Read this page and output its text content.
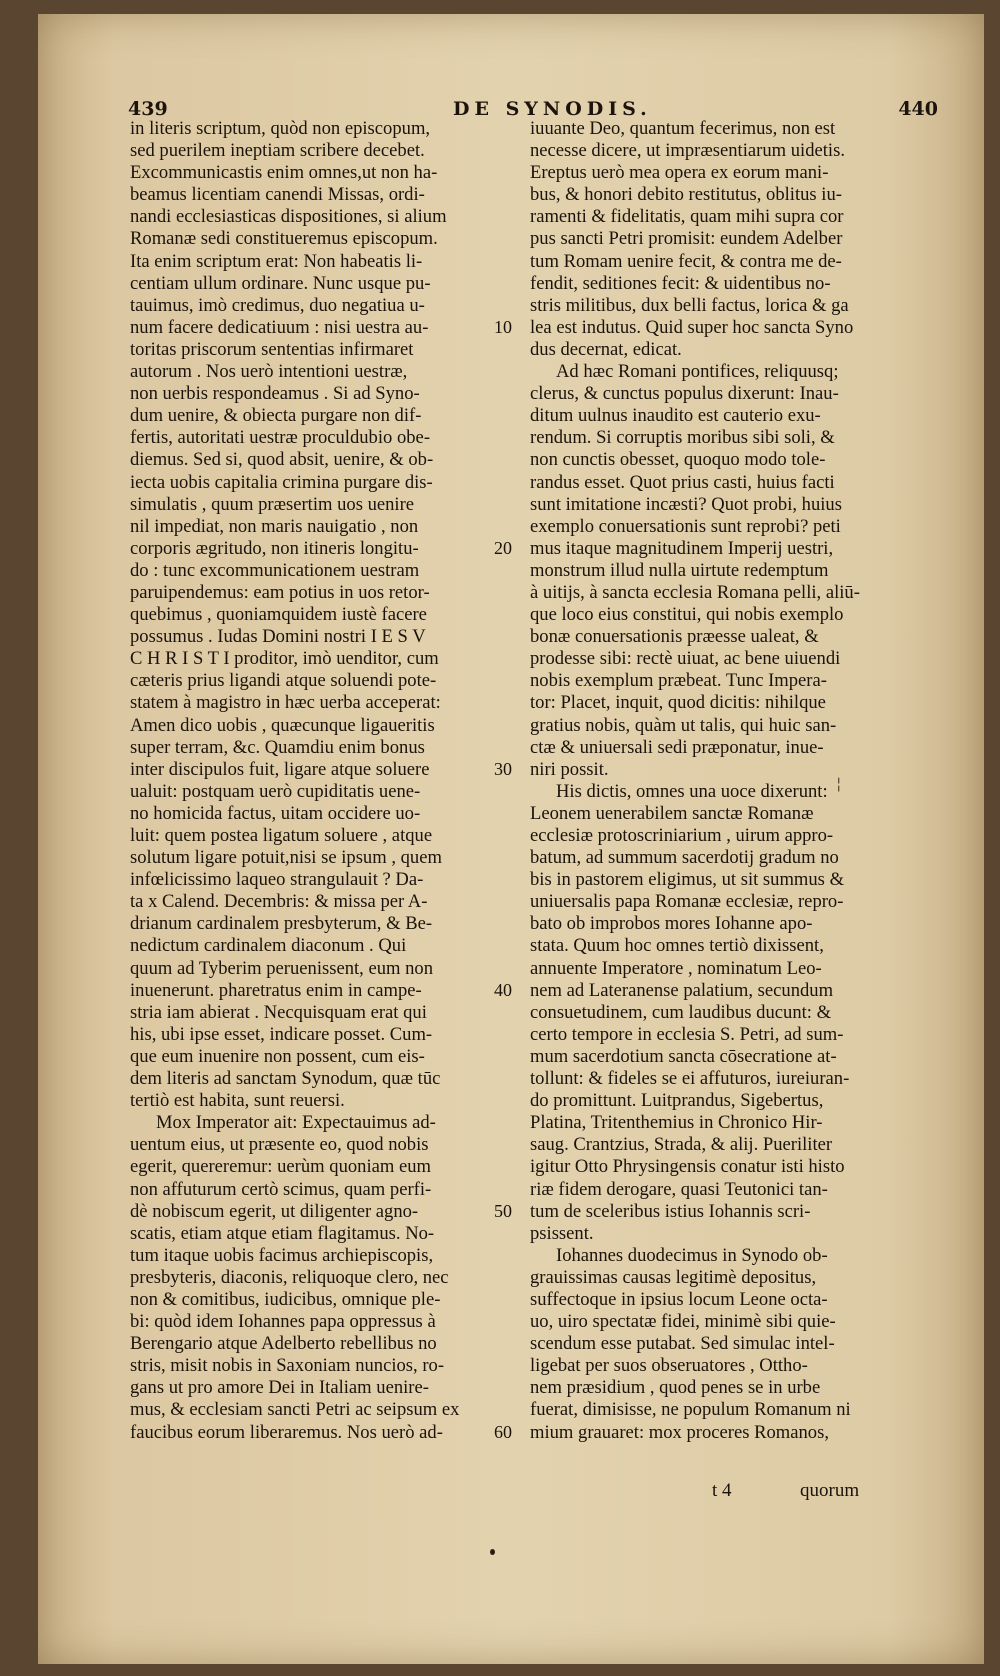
439	DE SYNODIS.	440
in literis scriptum, quòd non episcopum,
sed puerilem ineptiam scribere decebet.
Excommunicastis enim omnes,ut non ha-
beamus licentiam canendi Missas, ordi-
nandi ecclesiasticas dispositiones, si alium
Romanæ sedi constitueremus episcopum.
Ita enim scriptum erat: Non habeatis li-
centiam ullum ordinare. Nunc usque pu-
tauimus, imò credimus, duo negatiua u-
num facere dedicatiuum : nisi uestra au-
toritas priscorum sententias infirmaret
autorum . Nos uerò intentioni uestræ,
non uerbis respondeamus . Si ad Syno-
dum uenire, & obiecta purgare non dif-
fertis, autoritati uestræ proculdubio obe-
diemus. Sed si, quod absit, uenire, & ob-
iecta uobis capitalia crimina purgare dis-
simulatis , quum præsertim uos uenire
nil impediat, non maris nauigatio , non
corporis ægritudo, non itineris longitu-
do : tunc excommunicationem uestram
paruipendemus: eam potius in uos retor-
quebimus , quoniamquidem iustè facere
possumus . Iudas Domini nostri I E S V
C H R I S T I proditor, imò uenditor, cum
cæteris prius ligandi atque soluendi pote-
statem à magistro in hæc uerba acceperat:
Amen dico uobis , quæcunque ligaueritis
super terram, &c. Quamdiu enim bonus
inter discipulos fuit, ligare atque soluere
ualuit: postquam uerò cupiditatis uene-
no homicida factus, uitam occidere uo-
luit: quem postea ligatum soluere , atque
solutum ligare potuit,nisi se ipsum , quem
infœlicissimo laqueo strangulauit ? Da-
ta x Calend. Decembris: & missa per A-
drianum cardinalem presbyterum, & Be-
nedictum cardinalem diaconum . Qui
quum ad Tyberim peruenissent, eum non
inuenerunt. pharetratus enim in campe-
stria iam abierat . Necquisquam erat qui
his, ubi ipse esset, indicare posset. Cum-
que eum inuenire non possent, cum eis-
dem literis ad sanctam Synodum, quæ tūc
tertiò est habita, sunt reuersi.
Mox Imperator ait: Expectauimus ad-
uentum eius, ut præsente eo, quod nobis
egerit, quereremur: uerùm quoniam eum
non affuturum certò scimus, quam perfi-
dè nobiscum egerit, ut diligenter agno-
scatis, etiam atque etiam flagitamus. No-
tum itaque uobis facimus archiepiscopis,
presbyteris, diaconis, reliquoque clero, nec
non & comitibus, iudicibus, omnique ple-
bi: quòd idem Iohannes papa oppressus à
Berengario atque Adelberto rebellibus no
stris, misit nobis in Saxoniam nuncios, ro-
gans ut pro amore Dei in Italiam uenire-
mus, & ecclesiam sancti Petri ac seipsum ex
faucibus eorum liberaremus. Nos uerò ad-
10
20
30
40
50
60
iuuante Deo, quantum fecerimus, non est
necesse dicere, ut impræsentiarum uidetis.
Ereptus uerò mea opera ex eorum mani-
bus, & honori debito restitutus, oblitus iu-
ramenti & fidelitatis, quam mihi supra cor
pus sancti Petri promisit: eundem Adelber
tum Romam uenire fecit, & contra me de-
fendit, seditiones fecit: & uidentibus no-
stris militibus, dux belli factus, lorica & ga
lea est indutus. Quid super hoc sancta Syno
dus decernat, edicat.
Ad hæc Romani pontifices, reliquusq;
clerus, & cunctus populus dixerunt: Inau-
ditum uulnus inaudito est cauterio exu-
rendum. Si corruptis moribus sibi soli, &
non cunctis obesset, quoquo modo tole-
randus esset. Quot prius casti, huius facti
sunt imitatione incæsti? Quot probi, huius
exemplo conuersationis sunt reprobi? peti
mus itaque magnitudinem Imperij uestri,
monstrum illud nulla uirtute redemptum
à uitijs, à sancta ecclesia Romana pelli, aliū-
que loco eius constitui, qui nobis exemplo
bonæ conuersationis præesse ualeat, &
prodesse sibi: rectè uiuat, ac bene uiuendi
nobis exemplum præbeat. Tunc Impera-
tor: Placet, inquit, quod dicitis: nihilque
gratius nobis, quàm ut talis, qui huic san-
ctæ & uniuersali sedi præponatur, inue-
niri possit.
His dictis, omnes una uoce dixerunt:
Leonem uenerabilem sanctæ Romanæ
ecclesiæ protoscriniarium , uirum appro-
batum, ad summum sacerdotij gradum no
bis in pastorem eligimus, ut sit summus &
uniuersalis papa Romanæ ecclesiæ, repro-
bato ob improbos mores Iohanne apo-
stata. Quum hoc omnes tertiò dixissent,
annuente Imperatore , nominatum Leo-
nem ad Lateranense palatium, secundum
consuetudinem, cum laudibus ducunt: &
certo tempore in ecclesia S. Petri, ad sum-
mum sacerdotium sancta cōsecratione at-
tollunt: & fideles se ei affuturos, iureiuran-
do promittunt. Luitprandus, Sigebertus,
Platina, Tritenthemius in Chronico Hir-
saug. Crantzius, Strada, & alij. Pueriliter
igitur Otto Phrysingensis conatur isti histo
riæ fidem derogare, quasi Teutonici tan-
tum de sceleribus istius Iohannis scri-
psissent.
Iohannes duodecimus in Synodo ob-
grauissimas causas legitimè depositus,
suffectoque in ipsius locum Leone octa-
uo, uiro spectatæ fidei, minimè sibi quie-
scendum esse putabat. Sed simulac intel-
ligebat per suos obseruatores , Ottho-
nem præsidium , quod penes se in urbe
fuerat, dimisisse, ne populum Romanum ni
mium grauaret: mox proceres Romanos,
t 4	quorum
¦
